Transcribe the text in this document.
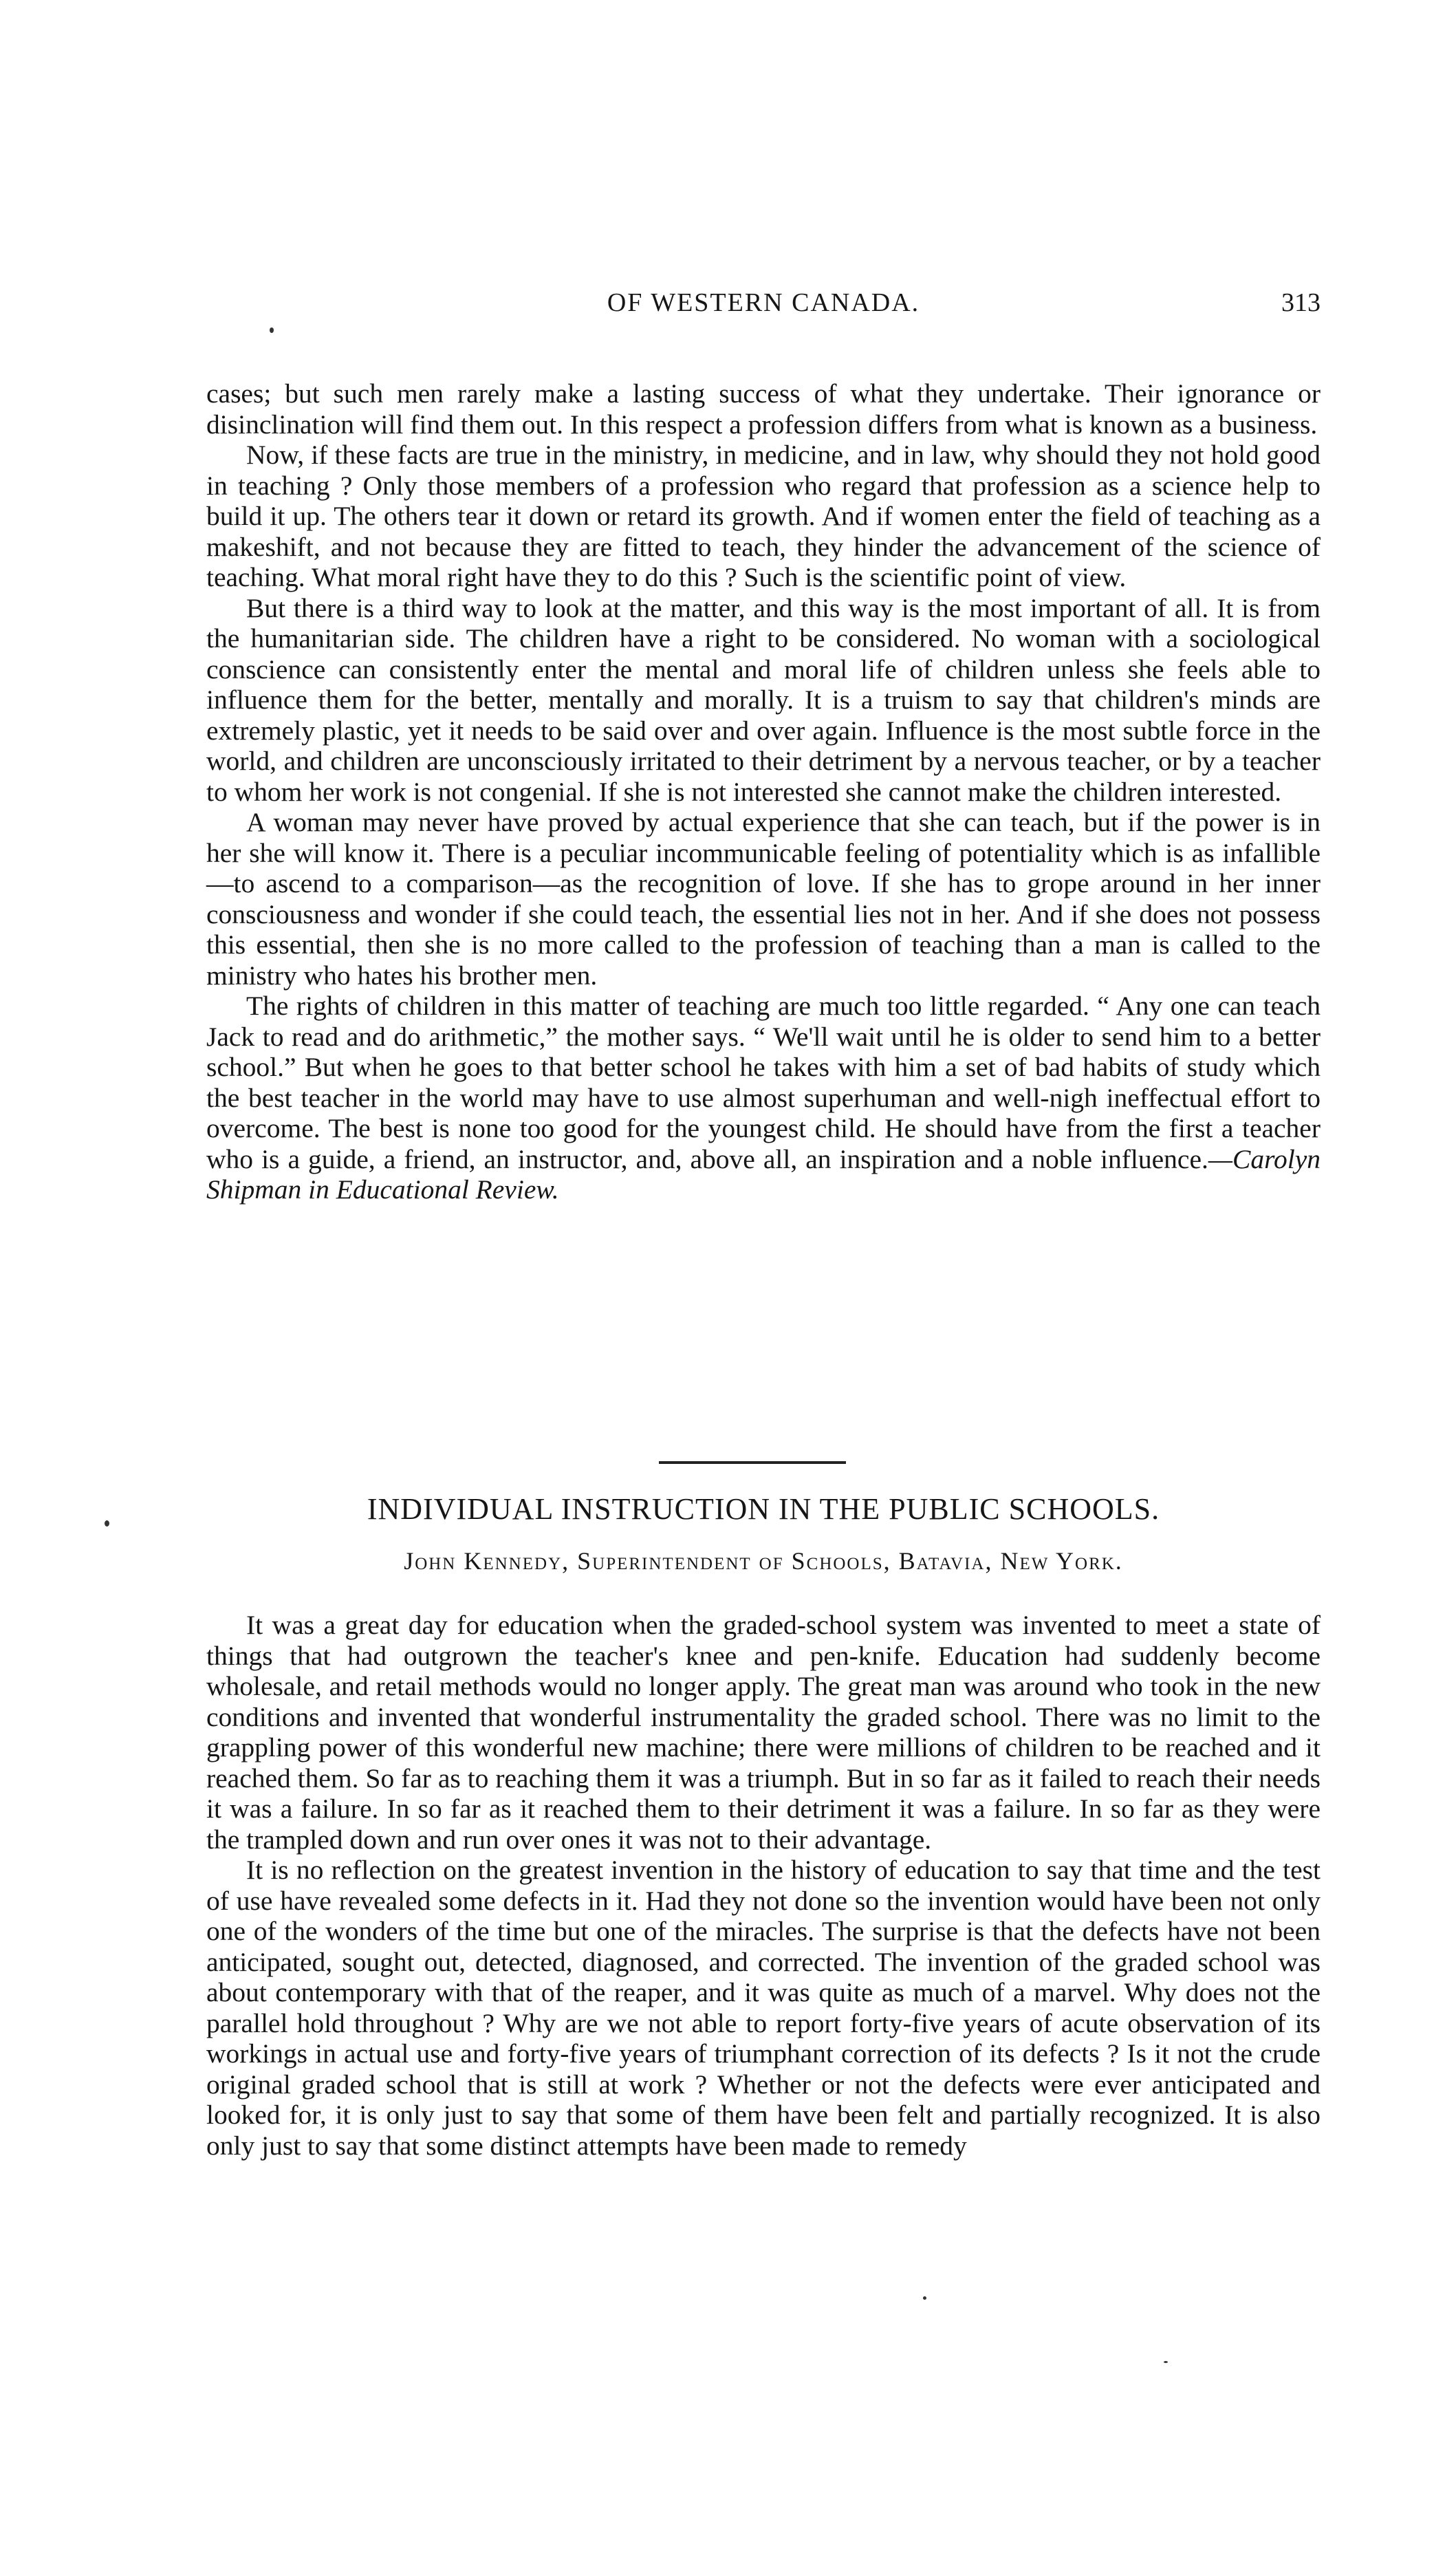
OF WESTERN CANADA.	313

cases; but such men rarely make a lasting success of what they undertake. Their ignorance or disinclination will find them out. In this respect a profession differs from what is known as a business.

Now, if these facts are true in the ministry, in medicine, and in law, why should they not hold good in teaching ? Only those members of a profession who regard that profession as a science help to build it up. The others tear it down or retard its growth. And if women enter the field of teaching as a makeshift, and not because they are fitted to teach, they hinder the advancement of the science of teaching. What moral right have they to do this ? Such is the scientific point of view.

But there is a third way to look at the matter, and this way is the most important of all. It is from the humanitarian side. The children have a right to be considered. No woman with a sociological conscience can consistently enter the mental and moral life of children unless she feels able to influence them for the better, mentally and morally. It is a truism to say that children's minds are extremely plastic, yet it needs to be said over and over again. Influence is the most subtle force in the world, and children are unconsciously irritated to their detriment by a nervous teacher, or by a teacher to whom her work is not congenial. If she is not interested she cannot make the children interested.

A woman may never have proved by actual experience that she can teach, but if the power is in her she will know it. There is a peculiar incommunicable feeling of potentiality which is as infallible—to ascend to a comparison—as the recognition of love. If she has to grope around in her inner consciousness and wonder if she could teach, the essential lies not in her. And if she does not possess this essential, then she is no more called to the profession of teaching than a man is called to the ministry who hates his brother men.

The rights of children in this matter of teaching are much too little regarded. “ Any one can teach Jack to read and do arithmetic,” the mother says. “ We'll wait until he is older to send him to a better school.” But when he goes to that better school he takes with him a set of bad habits of study which the best teacher in the world may have to use almost superhuman and well-nigh ineffectual effort to overcome. The best is none too good for the youngest child. He should have from the first a teacher who is a guide, a friend, an instructor, and, above all, an inspiration and a noble influence.—Carolyn Shipman in Educational Review.

INDIVIDUAL INSTRUCTION IN THE PUBLIC SCHOOLS.
John Kennedy, Superintendent of Schools, Batavia, New York.

It was a great day for education when the graded-school system was invented to meet a state of things that had outgrown the teacher's knee and pen-knife. Education had suddenly become wholesale, and retail methods would no longer apply. The great man was around who took in the new conditions and invented that wonderful instrumentality the graded school. There was no limit to the grappling power of this wonderful new machine; there were millions of children to be reached and it reached them. So far as to reaching them it was a triumph. But in so far as it failed to reach their needs it was a failure. In so far as it reached them to their detriment it was a failure. In so far as they were the trampled down and run over ones it was not to their advantage.

It is no reflection on the greatest invention in the history of education to say that time and the test of use have revealed some defects in it. Had they not done so the invention would have been not only one of the wonders of the time but one of the miracles. The surprise is that the defects have not been anticipated, sought out, detected, diagnosed, and corrected. The invention of the graded school was about contemporary with that of the reaper, and it was quite as much of a marvel. Why does not the parallel hold throughout ? Why are we not able to report forty-five years of acute observation of its workings in actual use and forty-five years of triumphant correction of its defects ? Is it not the crude original graded school that is still at work ? Whether or not the defects were ever anticipated and looked for, it is only just to say that some of them have been felt and partially recognized. It is also only just to say that some distinct attempts have been made to remedy
